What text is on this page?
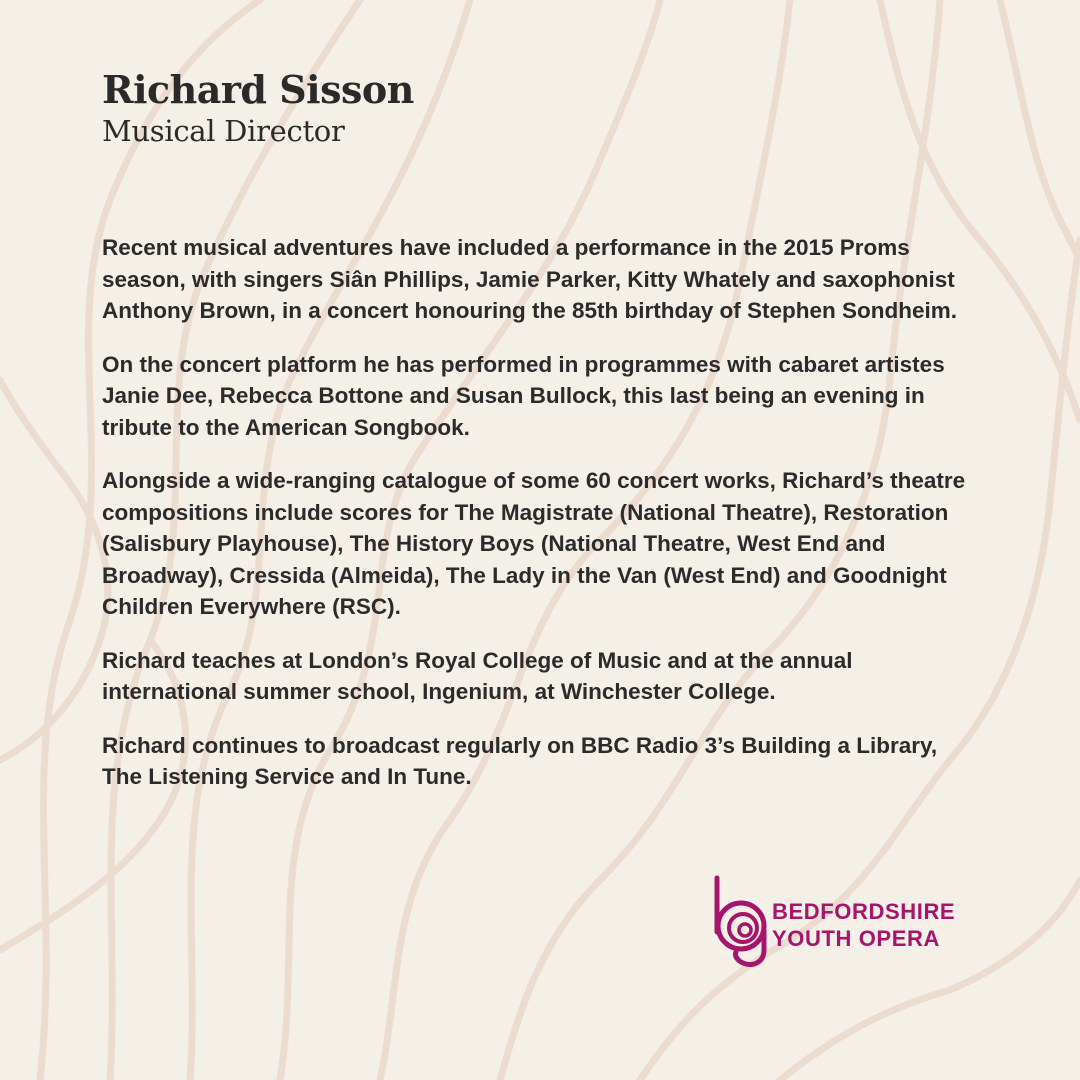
Richard Sisson
Musical Director

Recent musical adventures have included a performance in the 2015 Proms season, with singers Siân Phillips, Jamie Parker, Kitty Whately and saxophonist Anthony Brown, in a concert honouring the 85th birthday of Stephen Sondheim.

On the concert platform he has performed in programmes with cabaret artistes Janie Dee, Rebecca Bottone and Susan Bullock, this last being an evening in tribute to the American Songbook.

Alongside a wide-ranging catalogue of some 60 concert works, Richard’s theatre compositions include scores for The Magistrate (National Theatre), Restoration (Salisbury Playhouse), The History Boys (National Theatre, West End and Broadway), Cressida (Almeida), The Lady in the Van (West End) and Goodnight Children Everywhere (RSC).

Richard teaches at London’s Royal College of Music and at the annual international summer school, Ingenium, at Winchester College.

Richard continues to broadcast regularly on BBC Radio 3’s Building a Library, The Listening Service and In Tune.

BEDFORDSHIRE
YOUTH OPERA
